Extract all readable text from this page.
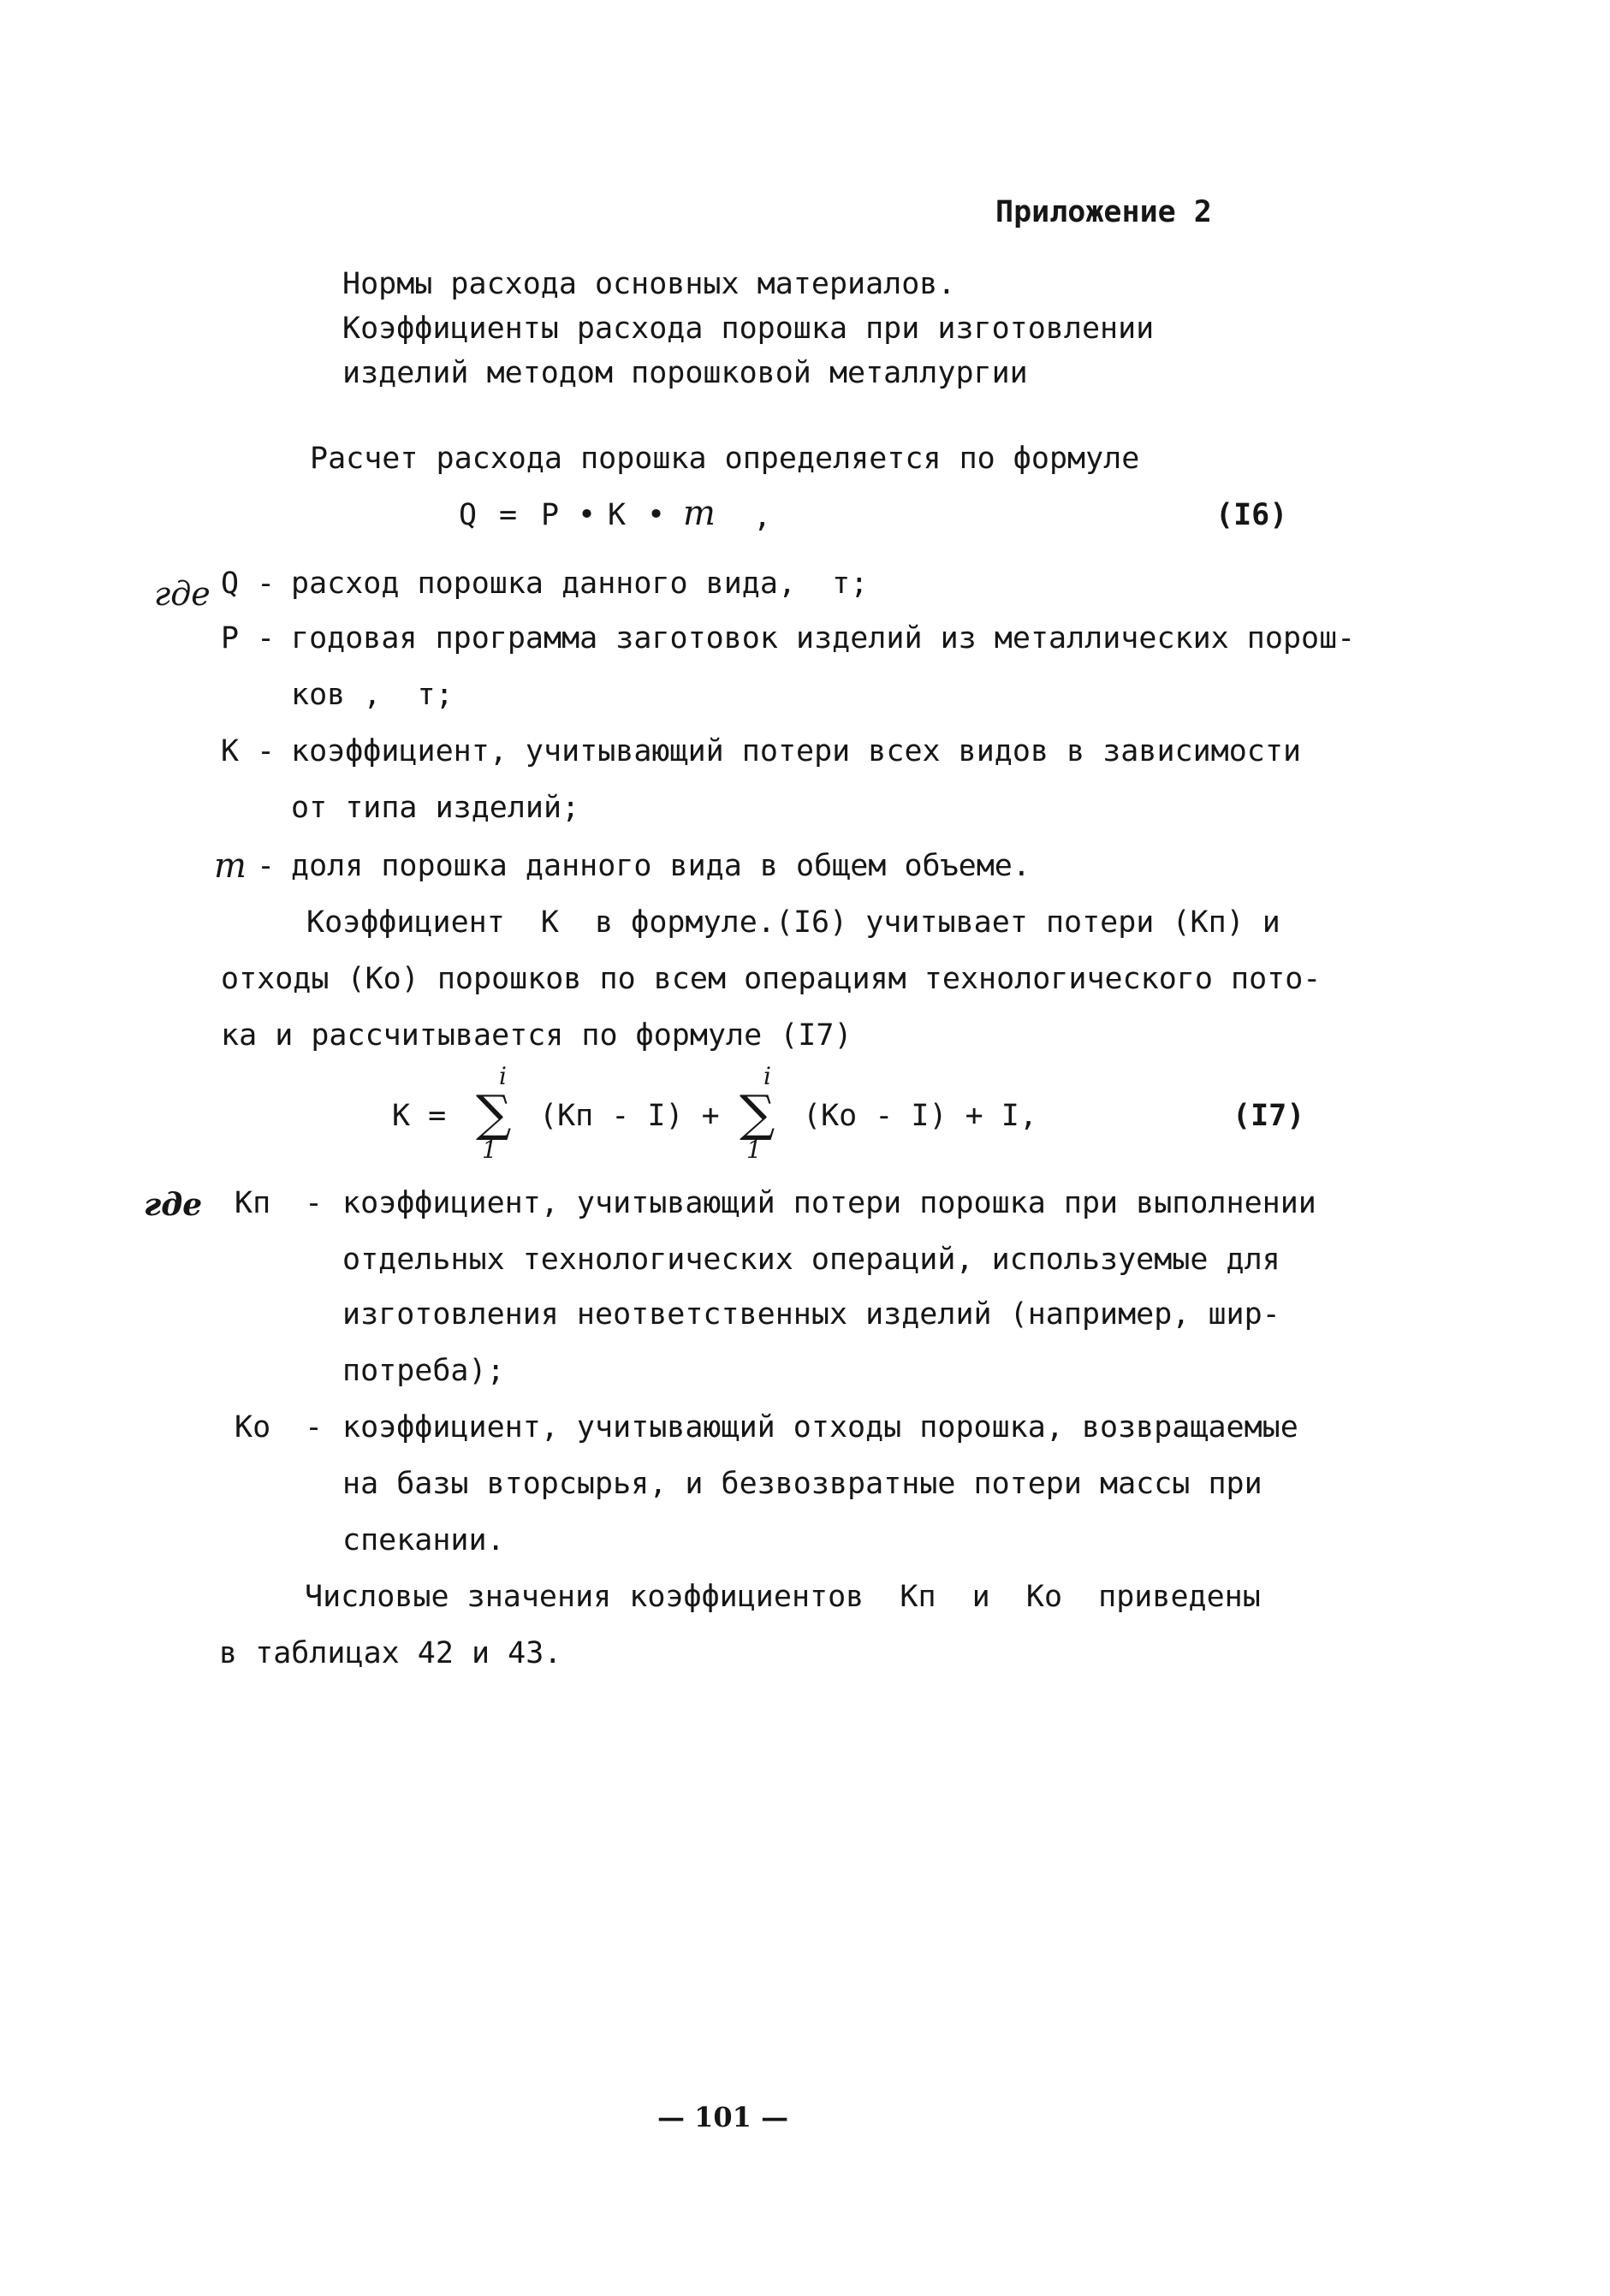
Приложение 2
Нормы расхода основных материалов.
Коэффициенты расхода порошка при изготовлении
изделий методом порошковой металлургии
Расчет расхода порошка определяется по формуле
Q = P • K • m ,	(I6)
где Q - расход порошка данного вида,  т;
P - годовая программа заготовок изделий из металлических порош-
ков ,  т;
K - коэффициент, учитывающий потери всех видов в зависимости
от типа изделий;
m - доля порошка данного вида в общем объеме.
Коэффициент  K  в формуле.(I6) учитывает потери (Кп) и
отходы (Ко) порошков по всем операциям технологического пото-
ка и рассчитывается по формуле (I7)
K =
i
∑
1
(Кп - I) +
i
∑
1
(Ко - I) + I,	(I7)
где Кп - коэффициент, учитывающий потери порошка при выполнении
отдельных технологических операций, используемые для
изготовления неответственных изделий (например, шир-
потреба);
Ко - коэффициент, учитывающий отходы порошка, возвращаемые
на базы вторсырья, и безвозвратные потери массы при
спекании.
Числовые значения коэффициентов  Кп  и  Ко  приведены
в таблицах 42 и 43.
— 101 —
